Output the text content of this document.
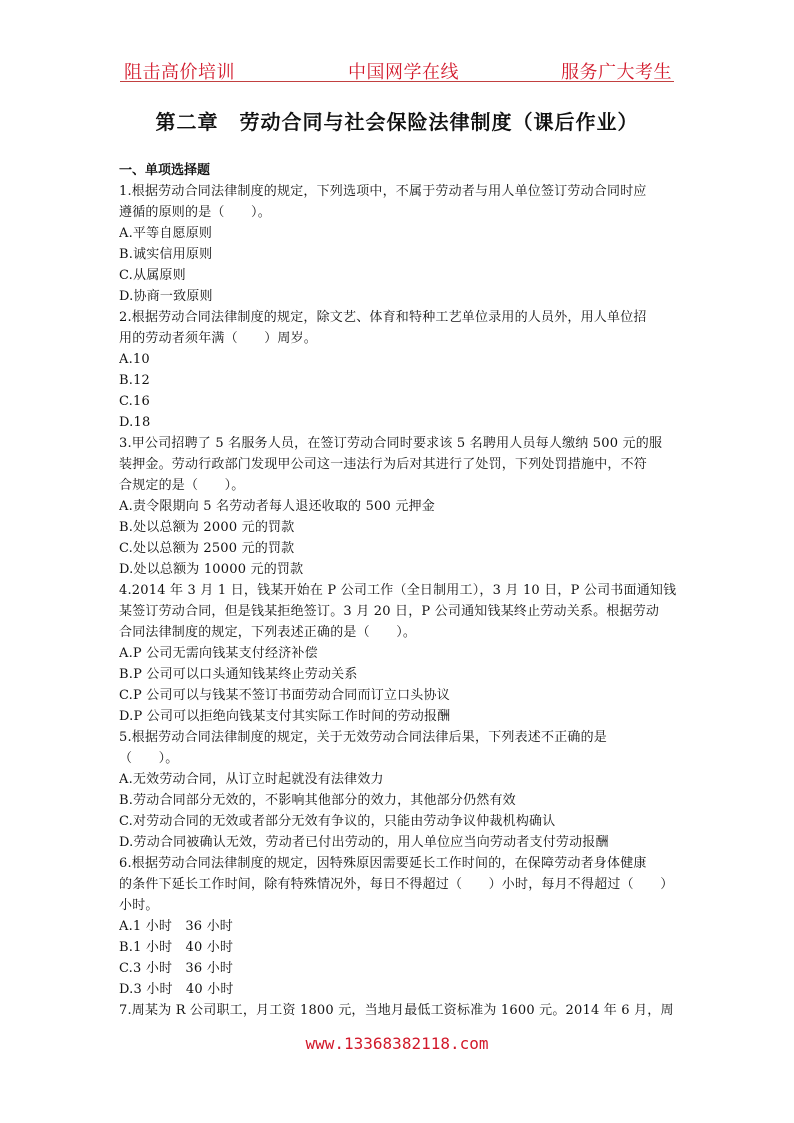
阻击高价培训	中国网学在线	服务广大考生
第二章　劳动合同与社会保险法律制度（课后作业）
一、单项选择题
1.根据劳动合同法律制度的规定，下列选项中，不属于劳动者与用人单位签订劳动合同时应
遵循的原则的是（　　）。
A.平等自愿原则
B.诚实信用原则
C.从属原则
D.协商一致原则
2.根据劳动合同法律制度的规定，除文艺、体育和特种工艺单位录用的人员外，用人单位招
用的劳动者须年满（　　）周岁。
A.10
B.12
C.16
D.18
3.甲公司招聘了 5 名服务人员，在签订劳动合同时要求该 5 名聘用人员每人缴纳 500 元的服
装押金。劳动行政部门发现甲公司这一违法行为后对其进行了处罚，下列处罚措施中，不符
合规定的是（　　）。
A.责令限期向 5 名劳动者每人退还收取的 500 元押金
B.处以总额为 2000 元的罚款
C.处以总额为 2500 元的罚款
D.处以总额为 10000 元的罚款
4.2014 年 3 月 1 日，钱某开始在 P 公司工作（全日制用工），3 月 10 日，P 公司书面通知钱
某签订劳动合同，但是钱某拒绝签订。3 月 20 日，P 公司通知钱某终止劳动关系。根据劳动
合同法律制度的规定，下列表述正确的是（　　）。
A.P 公司无需向钱某支付经济补偿
B.P 公司可以口头通知钱某终止劳动关系
C.P 公司可以与钱某不签订书面劳动合同而订立口头协议
D.P 公司可以拒绝向钱某支付其实际工作时间的劳动报酬
5.根据劳动合同法律制度的规定，关于无效劳动合同法律后果，下列表述不正确的是
（　　）。
A.无效劳动合同，从订立时起就没有法律效力
B.劳动合同部分无效的，不影响其他部分的效力，其他部分仍然有效
C.对劳动合同的无效或者部分无效有争议的，只能由劳动争议仲裁机构确认
D.劳动合同被确认无效，劳动者已付出劳动的，用人单位应当向劳动者支付劳动报酬
6.根据劳动合同法律制度的规定，因特殊原因需要延长工作时间的，在保障劳动者身体健康
的条件下延长工作时间，除有特殊情况外，每日不得超过（　　）小时，每月不得超过（　　）
小时。
A.1 小时　36 小时
B.1 小时　40 小时
C.3 小时　36 小时
D.3 小时　40 小时
7.周某为 R 公司职工，月工资 1800 元，当地月最低工资标准为 1600 元。2014 年 6 月，周
www.13368382118.com
